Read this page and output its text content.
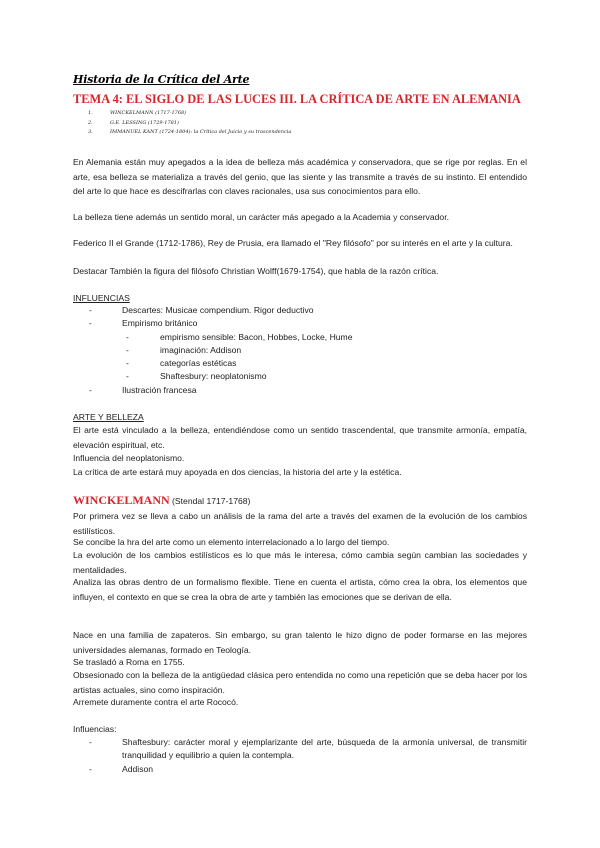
Historia de la Crítica del Arte
TEMA 4: EL SIGLO DE LAS LUCES III. LA CRÍTICA DE ARTE EN ALEMANIA
1.	WINCKELMANN (1717-1768)
2.	G.E. LESSING (1729-1781)
3.	IMMANUEL KANT (1724-1804): la Crítica del Juicio y su trascendencia
En Alemania están muy apegados a la idea de belleza más académica y conservadora, que se rige por reglas. En el arte, esa belleza se materializa a través del genio, que las siente y las transmite a través de su instinto. El entendido del arte lo que hace es descifrarlas con claves racionales, usa sus conocimientos para ello.
La belleza tiene además un sentido moral, un carácter más apegado a la Academia y conservador.
Federico II el Grande (1712-1786), Rey de Prusia, era llamado el "Rey filósofo" por su interés en el arte y la cultura.
Destacar También la figura del filósofo Christian Wolff(1679-1754), que habla de la razón crítica.
INFLUENCIAS
-	Descartes: Musicae compendium. Rigor deductivo
-	Empirismo británico
-	empirismo sensible: Bacon, Hobbes, Locke, Hume
-	imaginación: Addison
-	categorías estéticas
-	Shaftesbury: neoplatonismo
-	Ilustración francesa
ARTE Y BELLEZA
El arte está vinculado a la belleza, entendiéndose como un sentido trascendental, que transmite armonía, empatía, elevación espiritual, etc.
Influencia del neoplatonismo.
La crítica de arte estará muy apoyada en dos ciencias, la historia del arte y la estética.
WINCKELMANN (Stendal 1717-1768)
Por primera vez se lleva a cabo un análisis de la rama del arte a través del examen de la evolución de los cambios estilísticos.
Se concibe la hra del arte como un elemento interrelacionado a lo largo del tiempo.
La evolución de los cambios estilísticos es lo que más le interesa, cómo cambia según cambian las sociedades y mentalidades.
Analiza las obras dentro de un formalismo flexible. Tiene en cuenta el artista, cómo crea la obra, los elementos que influyen, el contexto en que se crea la obra de arte y también las emociones que se derivan de ella.
Nace en una familia de zapateros. Sin embargo, su gran talento le hizo digno de poder formarse en las mejores universidades alemanas, formado en Teología.
Se trasladó a Roma en 1755.
Obsesionado con la belleza de la antigüedad clásica pero entendida no como una repetición que se deba hacer por los artistas actuales, sino como inspiración.
Arremete duramente contra el arte Rococó.
Influencias:
-	Shaftesbury: carácter moral y ejemplarizante del arte, búsqueda de la armonía universal, de transmitir tranquilidad y equilibrio a quien la contempla.
-	Addison
